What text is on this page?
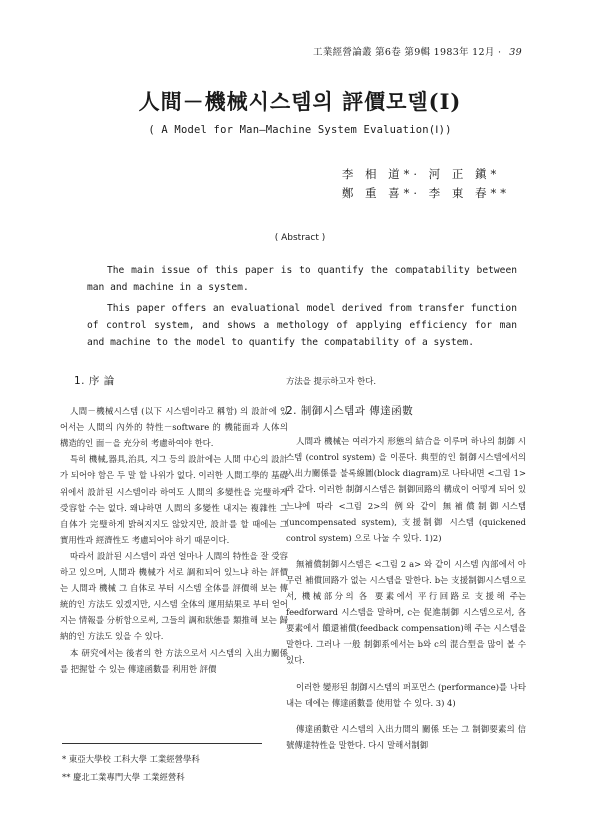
工業經營論叢 第6卷 第9輯 1983年 12月 · 39
人間－機械시스템의 評價모델(Ⅰ)
( A Model for Man—Machine System Evaluation(Ⅰ))
李 相 道*· 河 正 鎭*
鄭 重 喜*· 李 東 春**
( Abstract )

The main issue of this paper is to quantify the compatability between man and machine in a system.

This paper offers an evaluational model derived from transfer function of control system, and shows a methology of applying efficiency for man and machine to the model to quantify the compatability of a system.

1. 序 論

人間－機械시스템 (以下 시스템이라고 稱함) 의 設計에 있어서는 人間의 內外的 特性－software 的 機能面과 人体의 構造的인 面－을 充分히 考慮하여야 한다.

특히 機械,器具,治具, 지그 등의 設計에는 人間 中心의 設計가 되어야 함은 두 말 할 나위가 없다. 이러한 人間工學的 基礎위에서 設計된 시스템이라 하여도 人間의 多變性을 完璧하게 受容할 수는 없다. 왜냐하면 人間의 多變性 내지는 複雜性 그 自体가 完璧하게 밝혀지지도 않았지만, 設計를 할 때에는 그 實用性과 經濟性도 考慮되어야 하기 때문이다.

따라서 設計된 시스템이 과연 얼마나 人間의 特性을 잘 受容하고 있으며, 人間과 機械가 서로 調和되어 있느냐 하는 評價는 人間과 機械 그 自体로 부터 시스템 全体를 評價해 보는 傳統的인 方法도 있겠지만, 시스템 全体의 運用結果로 부터 얻어지는 情報를 分析함으로써, 그들의 調和狀態를 類推해 보는 歸納的인 方法도 있을 수 있다.

本 研究에서는 後者의 한 方法으로서 시스템의 入出力關係를 把握할 수 있는 傳達函數를 利用한 評價

方法을 提示하고자 한다.

2. 制御시스템과 傳達函數

人間과 機械는 여러가지 形態의 結合을 이루며 하나의 制御 시스템 (control system) 을 이룬다. 典型的인 制御시스템에서의 入出力關係를 불록線圖(block diagram)로 나타내면 <그림 1>과 같다. 이러한 制御시스템은 制御回路의 構成이 어떻게 되어 있느냐에 따라 <그림 2>의 例와 같이 無補償制御시스템 (uncompensated system), 支援制御 시스템 (quickened control system) 으로 나눌 수 있다. 1)2)

無補償制御시스템은 <그림 2 a> 와 같이 시스템 內部에서 아무런 補償回路가 없는 시스템을 말한다. b는 支援制御시스템으로서, 機械部分의 各 要素에서 平行回路로 支援해 주는 feedforward 시스템을 말하며, c는 促進制御 시스템으로서, 各 要素에서 饋還補償(feedback compensation)해 주는 시스템을 말한다. 그러나 一般 制御系에서는 b와 c의 混合型을 많이 볼 수 있다.

이러한 變形된 制御시스템의 퍼포먼스 (performance)를 나타내는 데에는 傳達函數를 使用할 수 있다. 3) 4)

傳達函數란 시스템의 入出力間의 關係 또는 그 制御要素의 信號傳達特性을 말한다. 다시 말해서制御

* 東亞大學校 工科大學 工業經營學科
** 慶北工業專門大學 工業經營科
